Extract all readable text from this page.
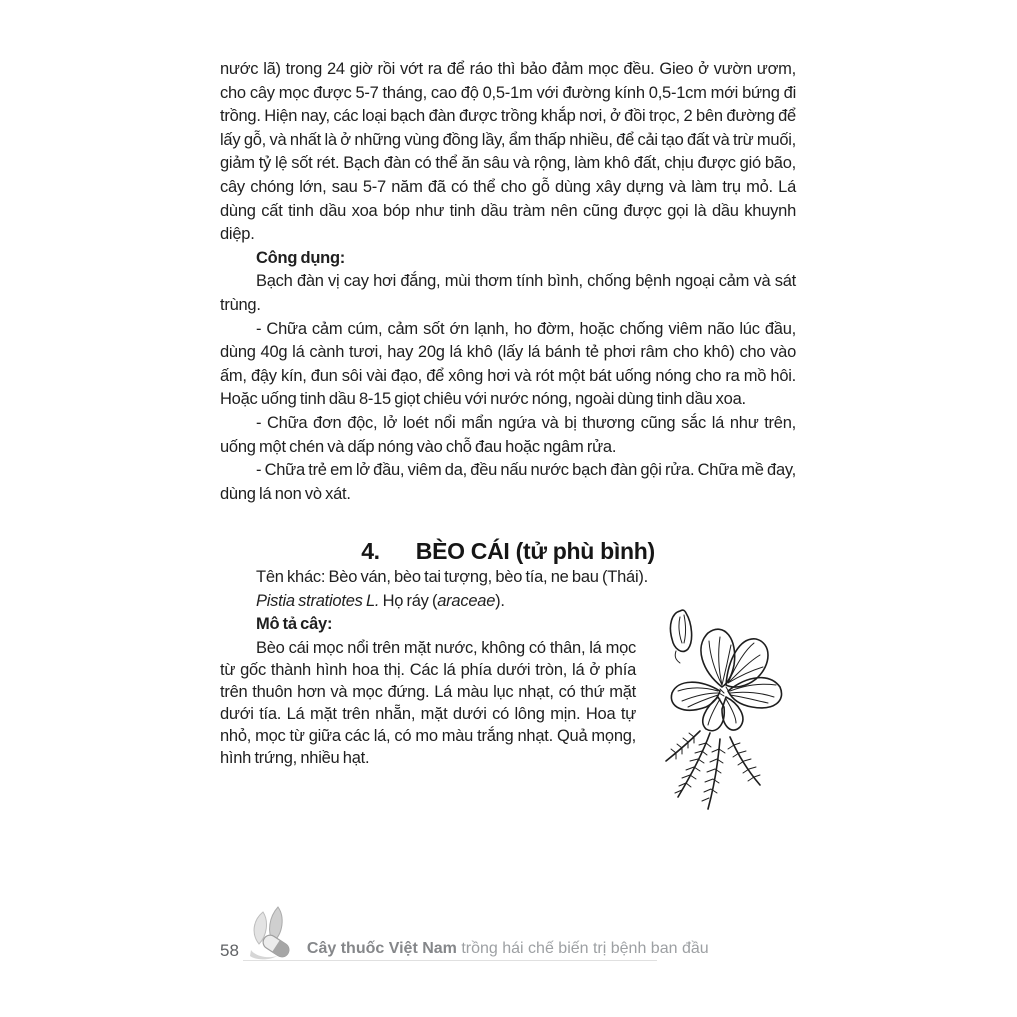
nước lã) trong 24 giờ rồi vớt ra để ráo thì bảo đảm mọc đều. Gieo ở vườn ươm, cho cây mọc được 5-7 tháng, cao độ 0,5-1m với đường kính 0,5-1cm mới bứng đi trồng. Hiện nay, các loại bạch đàn được trồng khắp nơi, ở đồi trọc, 2 bên đường để lấy gỗ, và nhất là ở những vùng đồng lầy, ẩm thấp nhiều, để cải tạo đất và trừ muối, giảm tỷ lệ sốt rét. Bạch đàn có thể ăn sâu và rộng, làm khô đất, chịu được gió bão, cây chóng lớn, sau 5-7 năm đã có thể cho gỗ dùng xây dựng và làm trụ mỏ. Lá dùng cất tinh dầu xoa bóp như tinh dầu tràm nên cũng được gọi là dầu khuynh diệp.

Công dụng:

Bạch đàn vị cay hơi đắng, mùi thơm tính bình, chống bệnh ngoại cảm và sát trùng.

- Chữa cảm cúm, cảm sốt ớn lạnh, ho đờm, hoặc chống viêm não lúc đầu, dùng 40g lá cành tươi, hay 20g lá khô (lấy lá bánh tẻ phơi râm cho khô) cho vào ấm, đậy kín, đun sôi vài đạo, để xông hơi và rót một bát uống nóng cho ra mồ hôi. Hoặc uống tinh dầu 8-15 giọt chiêu với nước nóng, ngoài dùng tinh dầu xoa.

- Chữa đơn độc, lở loét nổi mẩn ngứa và bị thương cũng sắc lá như trên, uống một chén và dấp nóng vào chỗ đau hoặc ngâm rửa.

- Chữa trẻ em lở đầu, viêm da, đều nấu nước bạch đàn gội rửa. Chữa mề đay, dùng lá non vò xát.

4. BÈO CÁI (tử phù bình)

Tên khác: Bèo ván, bèo tai tượng, bèo tía, ne bau (Thái).

Pistia stratiotes L. Họ ráy (araceae).

Mô tả cây:

Bèo cái mọc nổi trên mặt nước, không có thân, lá mọc từ gốc thành hình hoa thị. Các lá phía dưới tròn, lá ở phía trên thuôn hơn và mọc đứng. Lá màu lục nhạt, có thứ mặt dưới tía. Lá mặt trên nhẵn, mặt dưới có lông mịn. Hoa tự nhỏ, mọc từ giữa các lá, có mo màu trắng nhạt. Quả mọng, hình trứng, nhiều hạt.

58	Cây thuốc Việt Nam trồng hái chế biến trị bệnh ban đầu
